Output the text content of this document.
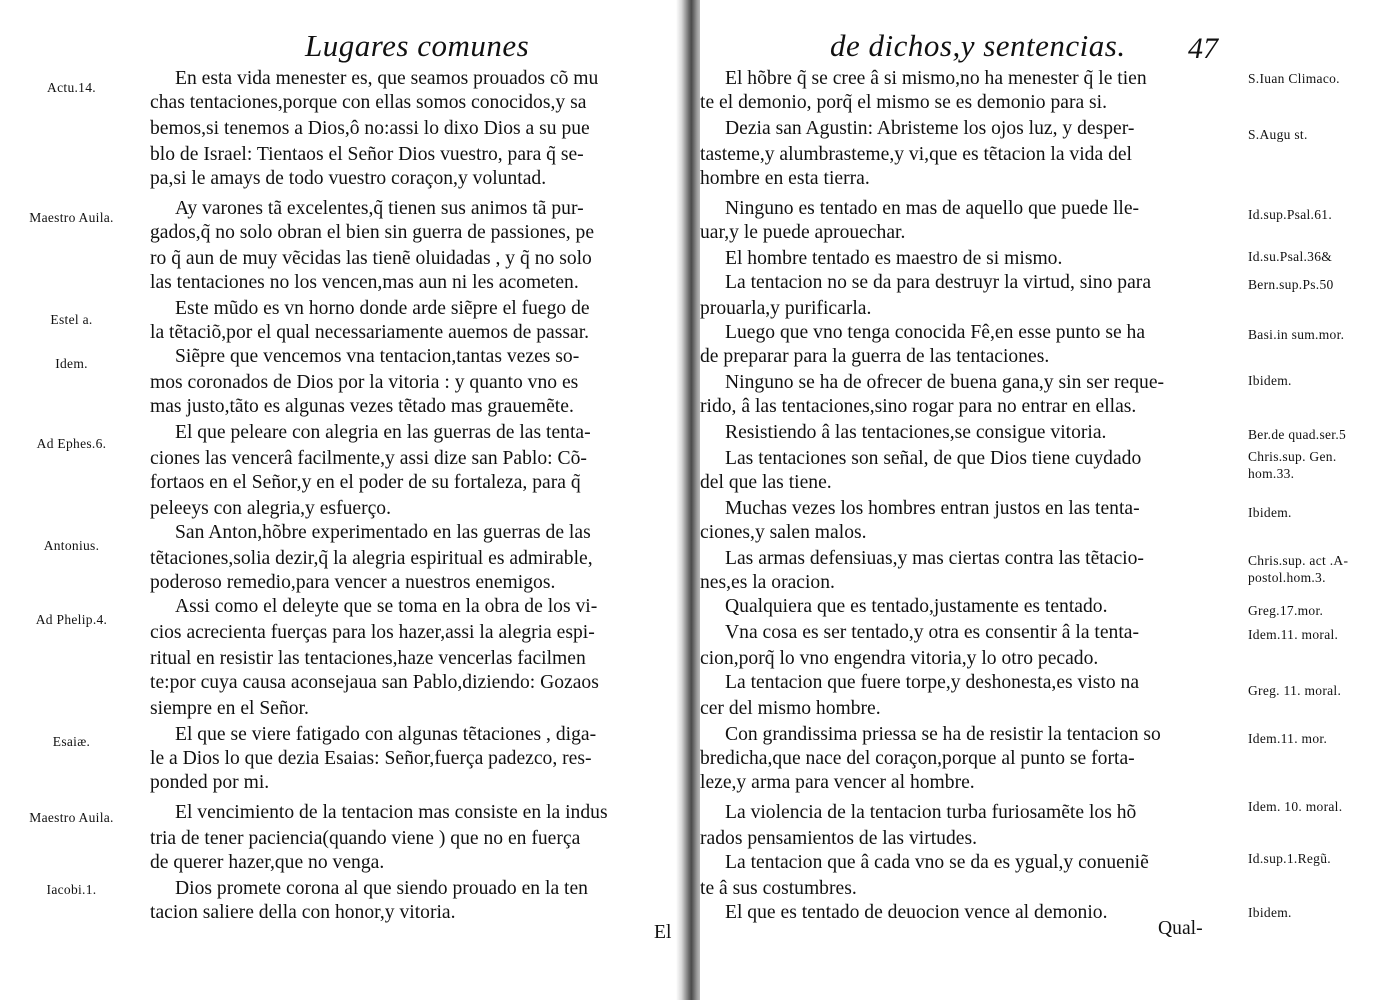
Lugares comunes
Actu.14.
Maestro Auila.
Estel a.
Idem.
Ad Ephes.6.
Antonius.
Ad Phelip.4.
Esaiæ.
Maestro Auila.
Iacobi.1.
En esta vida menester es, que seamos prouados cõ mu
chas tentaciones,porque con ellas somos conocidos,y sa
bemos,si tenemos a Dios,ô no:assi lo dixo Dios a su pue
blo de Israel: Tientaos el Señor Dios vuestro, para q̃ se-
pa,si le amays de todo vuestro coraçon,y voluntad.
Ay varones tã excelentes,q̃ tienen sus animos tã pur-
gados,q̃ no solo obran el bien sin guerra de passiones, pe
ro q̃ aun de muy vẽcidas las tienẽ oluidadas , y q̃ no solo
las tentaciones no los vencen,mas aun ni les acometen.
Este mũdo es vn horno donde arde siẽpre el fuego de
la tẽtaciõ,por el qual necessariamente auemos de passar.
Siẽpre que vencemos vna tentacion,tantas vezes so-
mos coronados de Dios por la vitoria : y quanto vno es
mas justo,tãto es algunas vezes tẽtado mas grauemẽte.
El que peleare con alegria en las guerras de las tenta-
ciones las vencerâ facilmente,y assi dize san Pablo: Cõ-
fortaos en el Señor,y en el poder de su fortaleza, para q̃
peleeys con alegria,y esfuerço.
San Anton,hõbre experimentado en las guerras de las
tẽtaciones,solia dezir,q̃ la alegria espiritual es admirable,
poderoso remedio,para vencer a nuestros enemigos.
Assi como el deleyte que se toma en la obra de los vi-
cios acrecienta fuerças para los hazer,assi la alegria espi-
ritual en resistir las tentaciones,haze vencerlas facilmen
te:por cuya causa aconsejaua san Pablo,diziendo: Gozaos
siempre en el Señor.
El que se viere fatigado con algunas tẽtaciones , diga-
le a Dios lo que dezia Esaias: Señor,fuerça padezco, res-
ponded por mi.
El vencimiento de la tentacion mas consiste en la indus
tria de tener paciencia(quando viene ) que no en fuerça
de querer hazer,que no venga.
Dios promete corona al que siendo prouado en la ten
tacion saliere della con honor,y vitoria.
El
de dichos,y sentencias. 47
S.Iuan Climaco.
S.Augu st.
Id.sup.Psal.61.
Id.su.Psal.36&
Bern.sup.Ps.50
Basi.in sum.mor.
Ibidem.
Ber.de quad.ser.5
Chris.sup. Gen. hom.33.
Ibidem.
Chris.sup. act .A- postol.hom.3.
Greg.17.mor.
Idem.11. moral.
Greg. 11. moral.
Idem.11. mor.
Idem. 10. moral.
Id.sup.1.Regũ.
Ibidem.
El hõbre q̃ se cree â si mismo,no ha menester q̃ le tien
te el demonio, porq̃ el mismo se es demonio para si.
Dezia san Agustin: Abristeme los ojos luz, y desper-
tasteme,y alumbrasteme,y vi,que es tẽtacion la vida del
hombre en esta tierra.
Ninguno es tentado en mas de aquello que puede lle-
uar,y le puede aprouechar.
El hombre tentado es maestro de si mismo.
La tentacion no se da para destruyr la virtud, sino para
prouarla,y purificarla.
Luego que vno tenga conocida Fê,en esse punto se ha
de preparar para la guerra de las tentaciones.
Ninguno se ha de ofrecer de buena gana,y sin ser reque-
rido, â las tentaciones,sino rogar para no entrar en ellas.
Resistiendo â las tentaciones,se consigue vitoria.
Las tentaciones son señal, de que Dios tiene cuydado
del que las tiene.
Muchas vezes los hombres entran justos en las tenta-
ciones,y salen malos.
Las armas defensiuas,y mas ciertas contra las tẽtacio-
nes,es la oracion.
Qualquiera que es tentado,justamente es tentado.
Vna cosa es ser tentado,y otra es consentir â la tenta-
cion,porq̃ lo vno engendra vitoria,y lo otro pecado.
La tentacion que fuere torpe,y deshonesta,es visto na
cer del mismo hombre.
Con grandissima priessa se ha de resistir la tentacion so
bredicha,que nace del coraçon,porque al punto se forta-
leze,y arma para vencer al hombre.
La violencia de la tentacion turba furiosamẽte los hõ
rados pensamientos de las virtudes.
La tentacion que â cada vno se da es ygual,y conueniẽ
te â sus costumbres.
El que es tentado de deuocion vence al demonio.
Qual-
